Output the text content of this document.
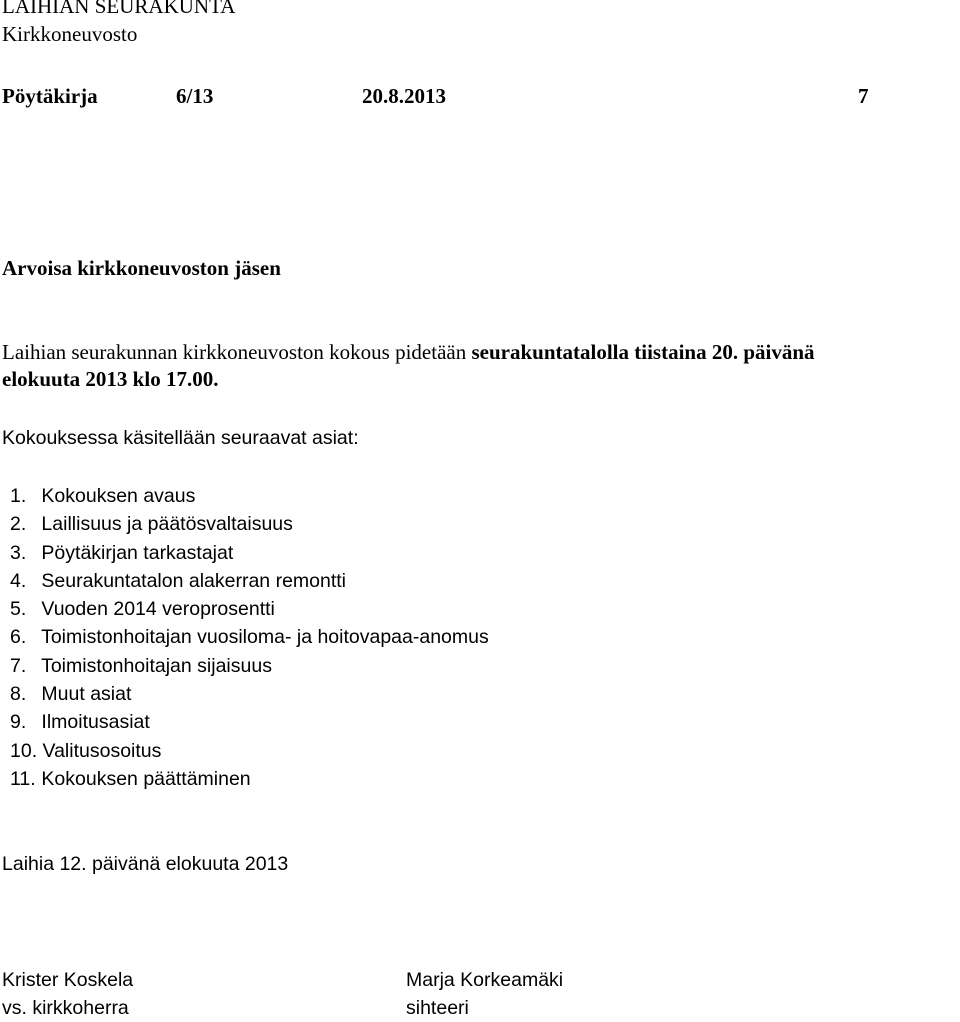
LAIHIAN SEURAKUNTA
Kirkkoneuvosto
Pöytäkirja	6/13	20.8.2013	7
Arvoisa kirkkoneuvoston jäsen
Laihian seurakunnan kirkkoneuvoston kokous pidetään seurakuntatalolla tiistaina 20. päivänä
elokuuta 2013 klo 17.00.
Kokouksessa käsitellään seuraavat asiat:
1. Kokouksen avaus
2. Laillisuus ja päätösvaltaisuus
3. Pöytäkirjan tarkastajat
4. Seurakuntatalon alakerran remontti
5. Vuoden 2014 veroprosentti
6. Toimistonhoitajan vuosiloma- ja hoitovapaa-anomus
7. Toimistonhoitajan sijaisuus
8. Muut asiat
9. Ilmoitusasiat
10. Valitusosoitus
11. Kokouksen päättäminen
Laihia 12. päivänä elokuuta 2013
Krister Koskela
vs. kirkkoherra
Marja Korkeamäki
sihteeri
